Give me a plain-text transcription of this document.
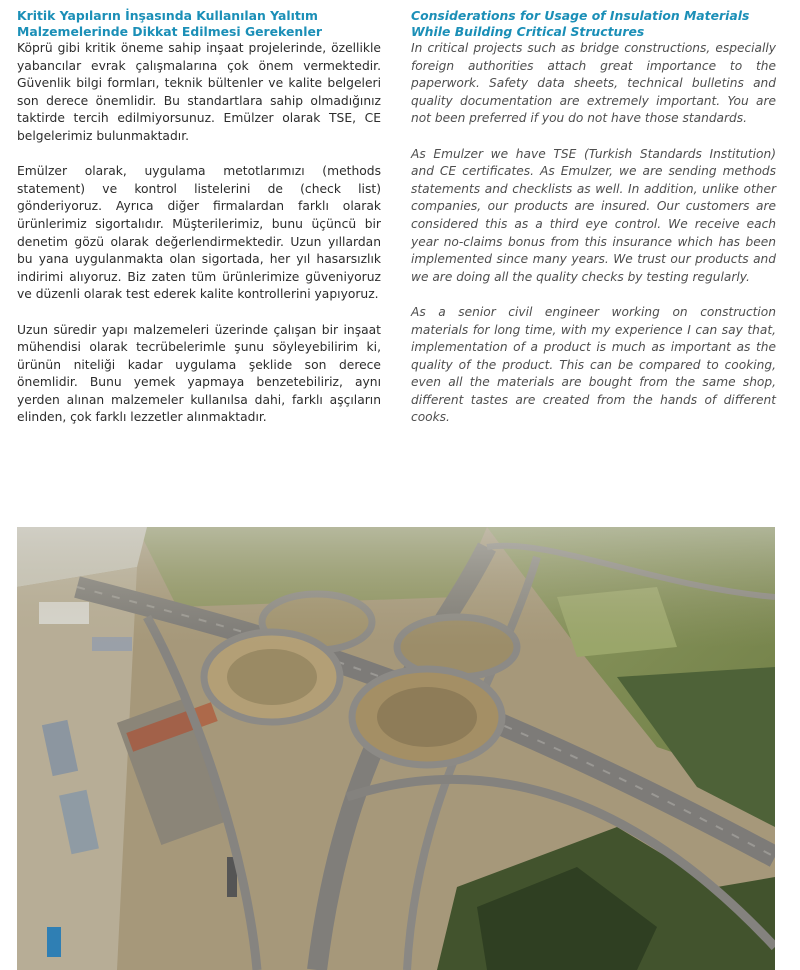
Kritik Yapıların İnşasında Kullanılan Yalıtım Malzemelerinde Dikkat Edilmesi Gerekenler

Köprü gibi kritik öneme sahip inşaat projelerinde, özellikle yabancılar evrak çalışmalarına çok önem vermektedir. Güvenlik bilgi formları, teknik bültenler ve kalite belgeleri son derece önemlidir. Bu standartlara sahip olmadığınız taktirde tercih edilmiyorsunuz. Emülzer olarak TSE, CE belgelerimiz bulunmaktadır.

Emülzer olarak, uygulama metotlarımızı (methods statement) ve kontrol listelerini de (check list) gönderiyoruz. Ayrıca diğer firmalardan farklı olarak ürünlerimiz sigortalıdır. Müşterilerimiz, bunu üçüncü bir denetim gözü olarak değerlendirmektedir. Uzun yıllardan bu yana uygulanmakta olan sigortada, her yıl hasarsızlık indirimi alıyoruz. Biz zaten tüm ürünlerimize güveniyoruz ve düzenli olarak test ederek kalite kontrollerini yapıyoruz.

Uzun süredir yapı malzemeleri üzerinde çalışan bir inşaat mühendisi olarak tecrübelerimle şunu söyleyebilirim ki, ürünün niteliği kadar uygulama şeklide son derece önemlidir. Bunu yemek yapmaya benzetebiliriz, aynı yerden alınan malzemeler kullanılsa dahi, farklı aşçıların elinden, çok farklı lezzetler alınmaktadır.

Considerations for Usage of Insulation Materials While Building Critical Structures

In critical projects such as bridge constructions, especially foreign authorities attach great importance to the paperwork. Safety data sheets, technical bulletins and quality documentation are extremely important. You are not been preferred if you do not have those standards.

As Emulzer we have TSE (Turkish Standards Institution) and CE certificates. As Emulzer, we are sending methods statements and checklists as well. In addition, unlike other companies, our products are insured. Our customers are considered this as a third eye control. We receive each year no-claims bonus from this insurance which has been implemented since many years. We trust our products and we are doing all the quality checks by testing regularly.

As a senior civil engineer working on construction materials for long time, with my experience I can say that, implementation of a product is much as important as the quality of the product. This can be compared to cooking, even all the materials are bought from the same shop, different tastes are created from the hands of different cooks.
